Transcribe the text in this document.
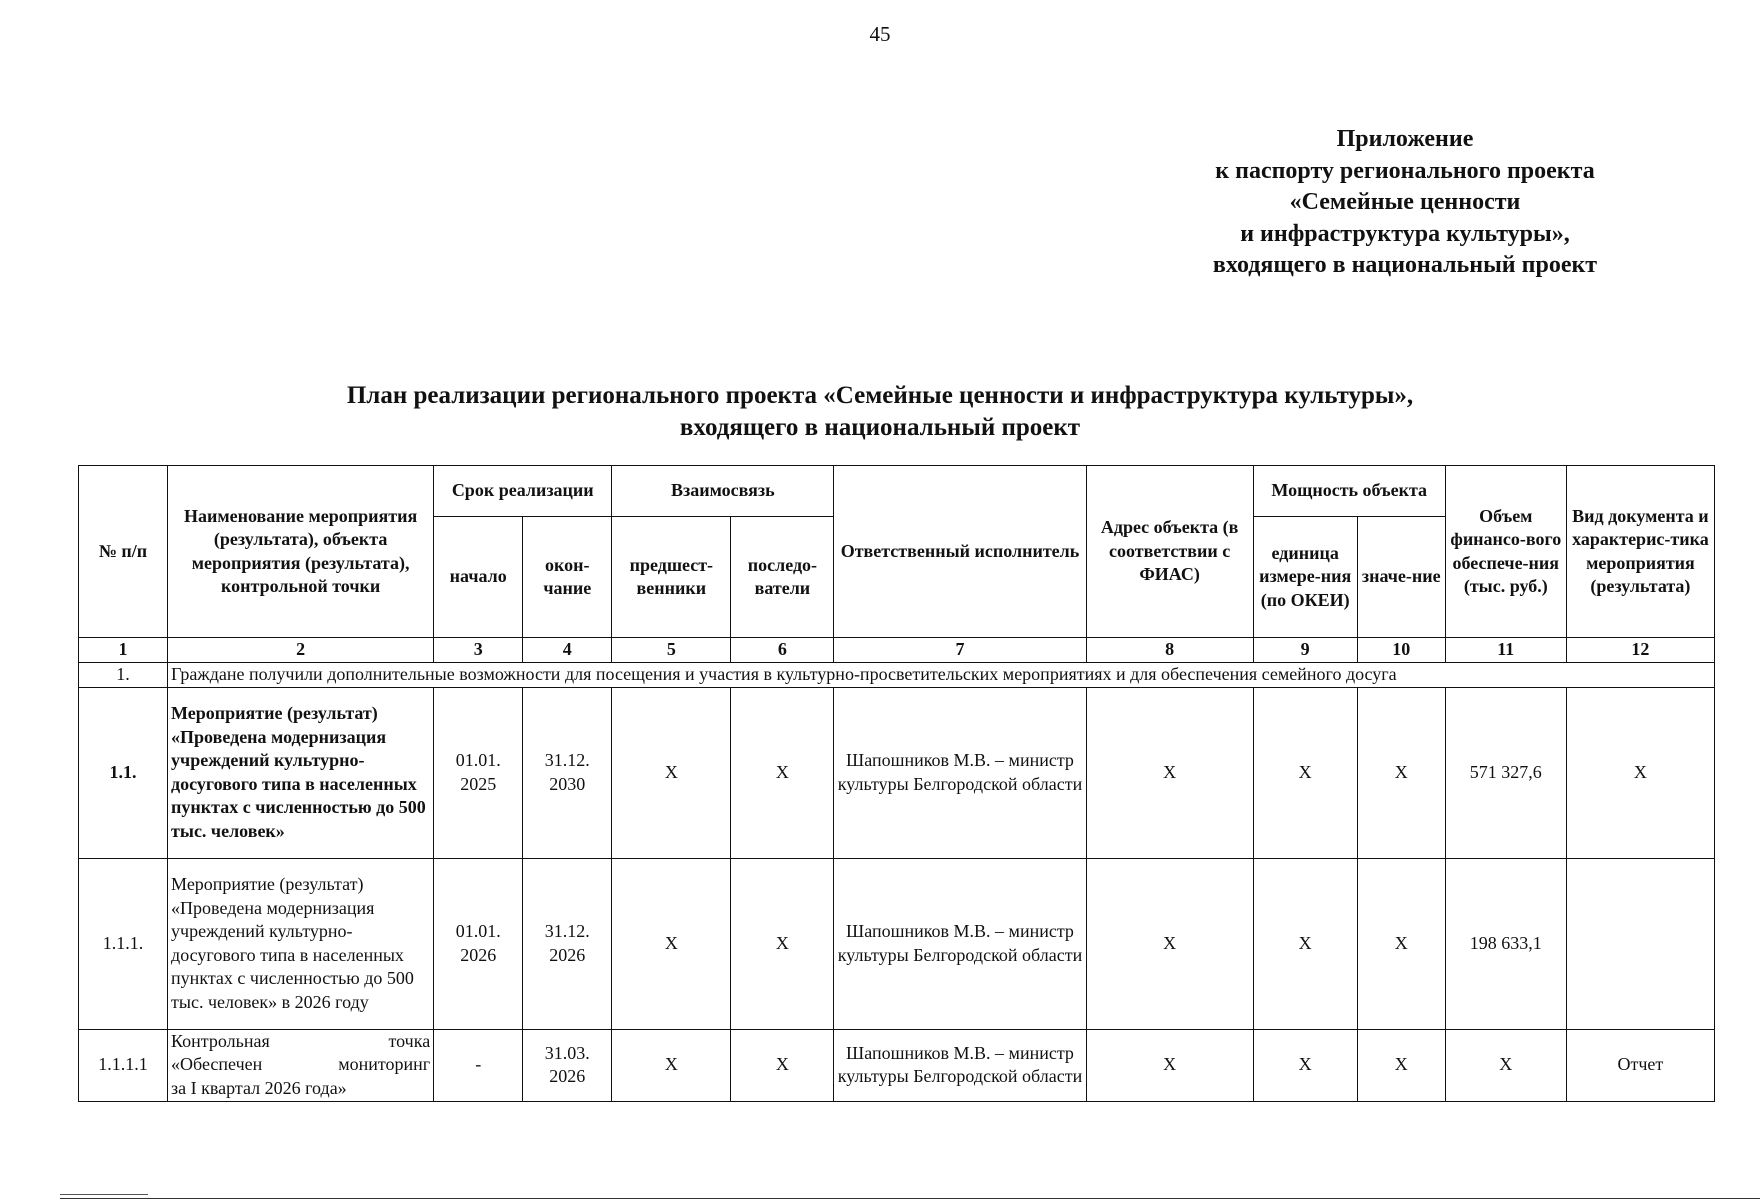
45
Приложение
к паспорту регионального проекта
«Семейные ценности
и инфраструктура культуры»,
входящего в национальный проект
План реализации регионального проекта «Семейные ценности и инфраструктура культуры»,
входящего в национальный проект
№ п/п	Наименование мероприятия (результата), объекта мероприятия (результата), контрольной точки	Срок реализации		Взаимосвязь		Ответственный исполнитель	Адрес объекта (в соответствии с ФИАС)	Мощность объекта		Объем финансо-вого обеспече-ния (тыс. руб.)	Вид документа и характерис-тика мероприятия (результата)
		начало	окон-чание	предшест-венники	последо-ватели			единица измере-ния (по ОКЕИ)	значе-ние		
1	2	3	4	5	6	7	8	9	10	11	12
1.	Граждане получили дополнительные возможности для посещения и участия в культурно-просветительских мероприятиях и для обеспечения семейного досуга										
1.1.	Мероприятие (результат) «Проведена модернизация учреждений культурно-досугового типа в населенных пунктах с численностью до 500 тыс. человек»	01.01. 2025	31.12. 2030	X	X	Шапошников М.В. – министр культуры Белгородской области	X	X	X	571 327,6	X
1.1.1.	Мероприятие (результат) «Проведена модернизация учреждений культурно-досугового типа в населенных пунктах с численностью до 500 тыс. человек» в 2026 году	01.01. 2026	31.12. 2026	X	X	Шапошников М.В. – министр культуры Белгородской области	X	X	X	198 633,1	
1.1.1.1	Контрольная точка
«Обеспечен мониторинг
за I квартал 2026 года»	-	31.03. 2026	X	X	Шапошников М.В. – министр культуры Белгородской области	X	X	X	X	Отчет
